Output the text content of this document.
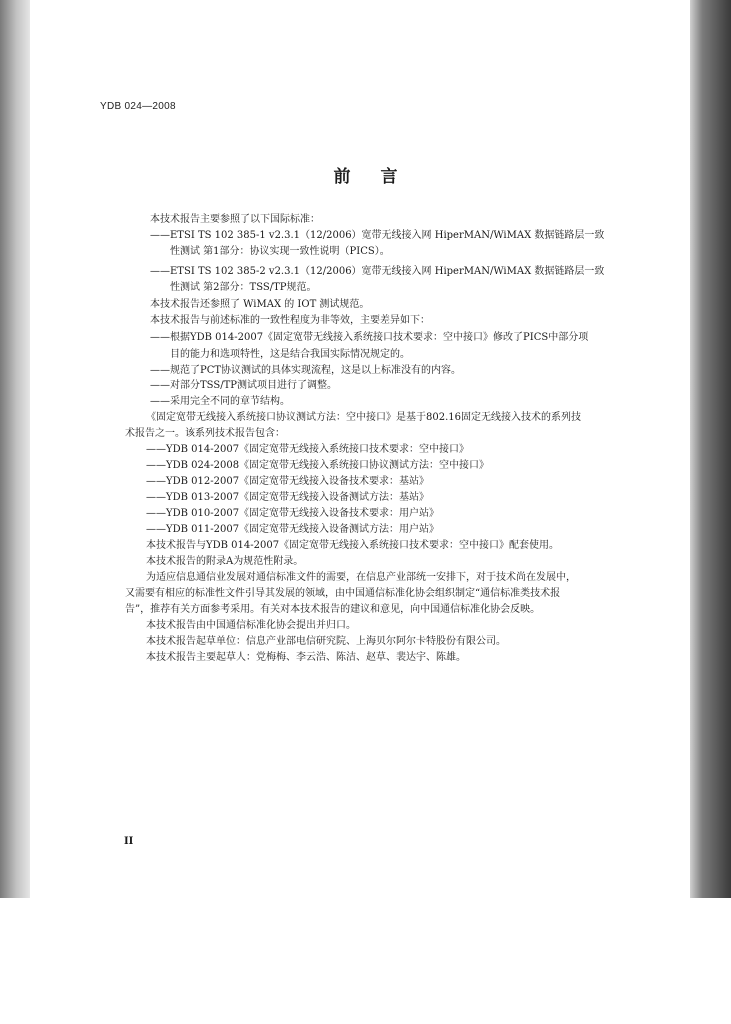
YDB 024—2008
前言
本技术报告主要参照了以下国际标准：
——ETSI TS 102 385-1 v2.3.1（12/2006）宽带无线接入网 HiperMAN/WiMAX 数据链路层一致
性测试 第1部分：协议实现一致性说明（PICS）。
——ETSI TS 102 385-2 v2.3.1（12/2006）宽带无线接入网 HiperMAN/WiMAX 数据链路层一致
性测试 第2部分：TSS/TP规范。
本技术报告还参照了 WiMAX 的 IOT 测试规范。
本技术报告与前述标准的一致性程度为非等效，主要差异如下：
——根据YDB 014-2007《固定宽带无线接入系统接口技术要求：空中接口》修改了PICS中部分项
目的能力和选项特性，这是结合我国实际情况规定的。
——规范了PCT协议测试的具体实现流程，这是以上标准没有的内容。
——对部分TSS/TP测试项目进行了调整。
——采用完全不同的章节结构。
《固定宽带无线接入系统接口协议测试方法：空中接口》是基于802.16固定无线接入技术的系列技
术报告之一。该系列技术报告包含：
——YDB 014-2007《固定宽带无线接入系统接口技术要求：空中接口》
——YDB 024-2008《固定宽带无线接入系统接口协议测试方法：空中接口》
——YDB 012-2007《固定宽带无线接入设备技术要求：基站》
——YDB 013-2007《固定宽带无线接入设备测试方法：基站》
——YDB 010-2007《固定宽带无线接入设备技术要求：用户站》
——YDB 011-2007《固定宽带无线接入设备测试方法：用户站》
本技术报告与YDB 014-2007《固定宽带无线接入系统接口技术要求：空中接口》配套使用。
本技术报告的附录A为规范性附录。
为适应信息通信业发展对通信标准文件的需要，在信息产业部统一安排下，对于技术尚在发展中，
又需要有相应的标准性文件引导其发展的领域，由中国通信标准化协会组织制定“通信标准类技术报
告”，推荐有关方面参考采用。有关对本技术报告的建议和意见，向中国通信标准化协会反映。
本技术报告由中国通信标准化协会提出并归口。
本技术报告起草单位：信息产业部电信研究院、上海贝尔阿尔卡特股份有限公司。
本技术报告主要起草人：党梅梅、李云浩、陈洁、赵草、裴达宇、陈雄。
II
